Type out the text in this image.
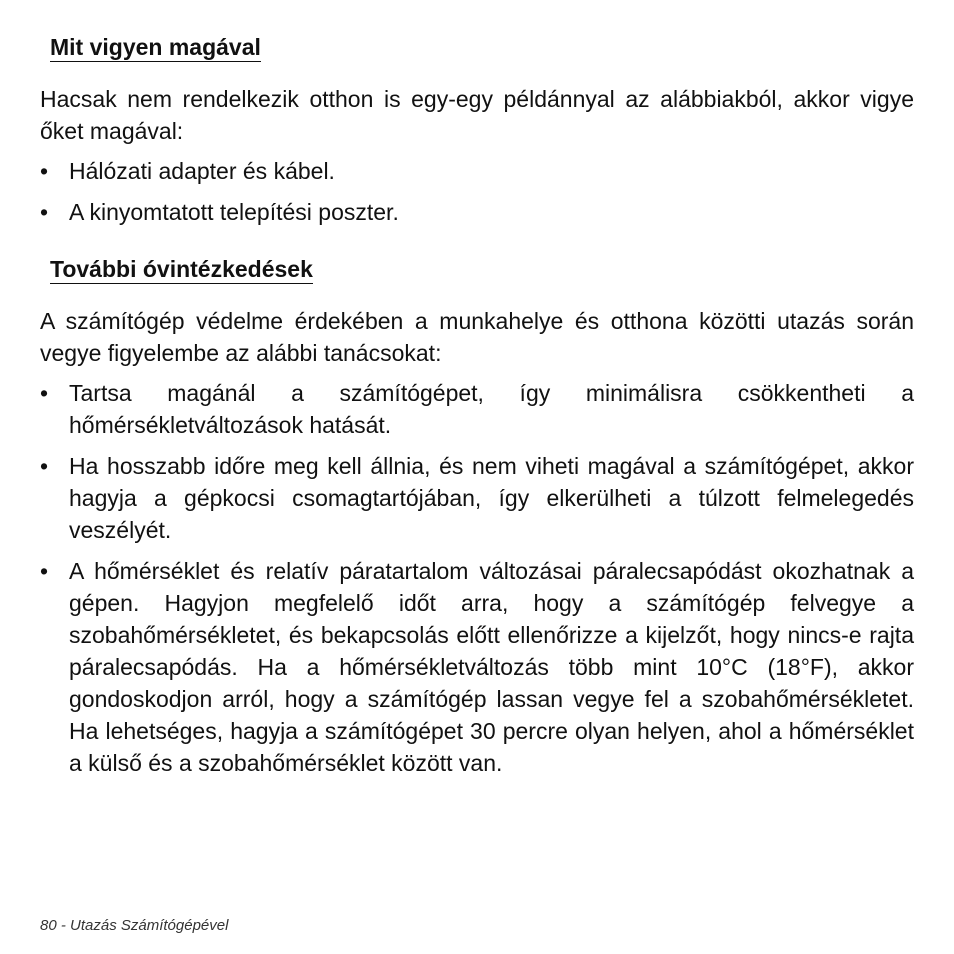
Mit vigyen magával
Hacsak nem rendelkezik otthon is egy-egy példánnyal az alábbiakból, akkor vigye őket magával:
• Hálózati adapter és kábel.
• A kinyomtatott telepítési poszter.
További óvintézkedések
A számítógép védelme érdekében a munkahelye és otthona közötti utazás során vegye figyelembe az alábbi tanácsokat:
• Tartsa magánál a számítógépet, így minimálisra csökkentheti a hőmérsékletváltozások hatását.
• Ha hosszabb időre meg kell állnia, és nem viheti magával a számítógépet, akkor hagyja a gépkocsi csomagtartójában, így elkerülheti a túlzott felmelegedés veszélyét.
• A hőmérséklet és relatív páratartalom változásai páralecsapódást okozhatnak a gépen. Hagyjon megfelelő időt arra, hogy a számítógép felvegye a szobahőmérsékletet, és bekapcsolás előtt ellenőrizze a kijelzőt, hogy nincs-e rajta páralecsapódás. Ha a hőmérsékletváltozás több mint 10°C (18°F), akkor gondoskodjon arról, hogy a számítógép lassan vegye fel a szobahőmérsékletet. Ha lehetséges, hagyja a számítógépet 30 percre olyan helyen, ahol a hőmérséklet a külső és a szobahőmérséklet között van.
80 - Utazás Számítógépével
